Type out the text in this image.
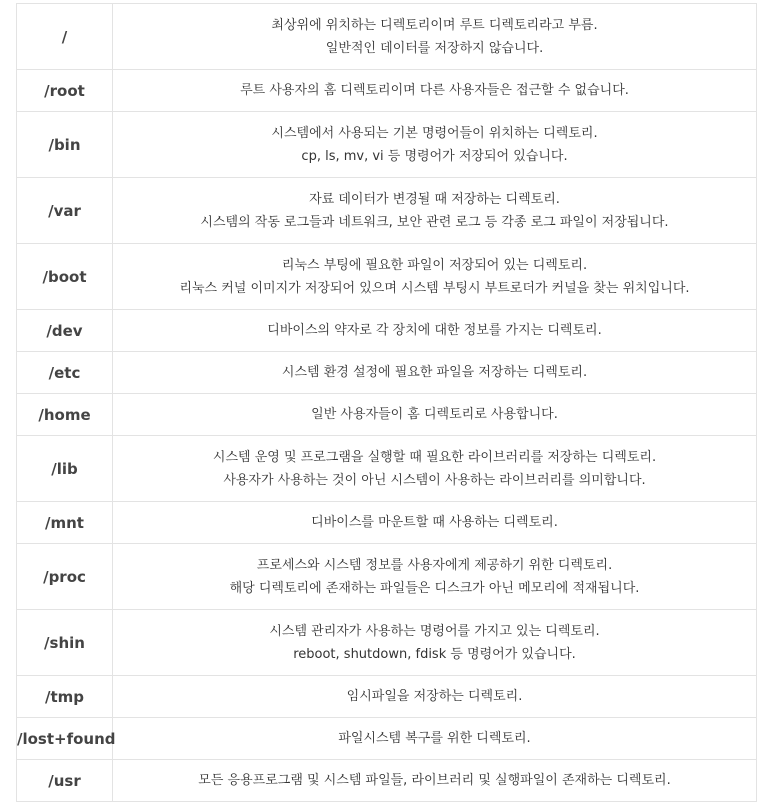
/	최상위에 위치하는 디렉토리이며 루트 디렉토리라고 부름.
일반적인 데이터를 저장하지 않습니다.

/root	루트 사용자의 홈 디렉토리이며 다른 사용자들은 접근할 수 없습니다.

/bin	시스템에서 사용되는 기본 명령어들이 위치하는 디렉토리.
cp, ls, mv, vi 등 명령어가 저장되어 있습니다.

/var	자료 데이터가 변경될 때 저장하는 디렉토리.
시스템의 작동 로그들과 네트워크, 보안 관련 로그 등 각종 로그 파일이 저장됩니다.

/boot	리눅스 부팅에 필요한 파일이 저장되어 있는 디렉토리.
리눅스 커널 이미지가 저장되어 있으며 시스템 부팅시 부트로더가 커널을 찾는 위치입니다.

/dev	디바이스의 약자로 각 장치에 대한 정보를 가지는 디렉토리.

/etc	시스템 환경 설정에 필요한 파일을 저장하는 디렉토리.

/home	일반 사용자들이 홈 디렉토리로 사용합니다.

/lib	시스템 운영 및 프로그램을 실행할 때 필요한 라이브러리를 저장하는 디렉토리.
사용자가 사용하는 것이 아닌 시스템이 사용하는 라이브러리를 의미합니다.

/mnt	디바이스를 마운트할 때 사용하는 디렉토리.

/proc	프로세스와 시스템 정보를 사용자에게 제공하기 위한 디렉토리.
해당 디렉토리에 존재하는 파일들은 디스크가 아닌 메모리에 적재됩니다.

/shin	시스템 관리자가 사용하는 명령어를 가지고 있는 디렉토리.
reboot, shutdown, fdisk 등 명령어가 있습니다.

/tmp	임시파일을 저장하는 디렉토리.

/lost+found	파일시스템 복구를 위한 디렉토리.

/usr	모든 응용프로그램 및 시스템 파일들, 라이브러리 및 실행파일이 존재하는 디렉토리.
